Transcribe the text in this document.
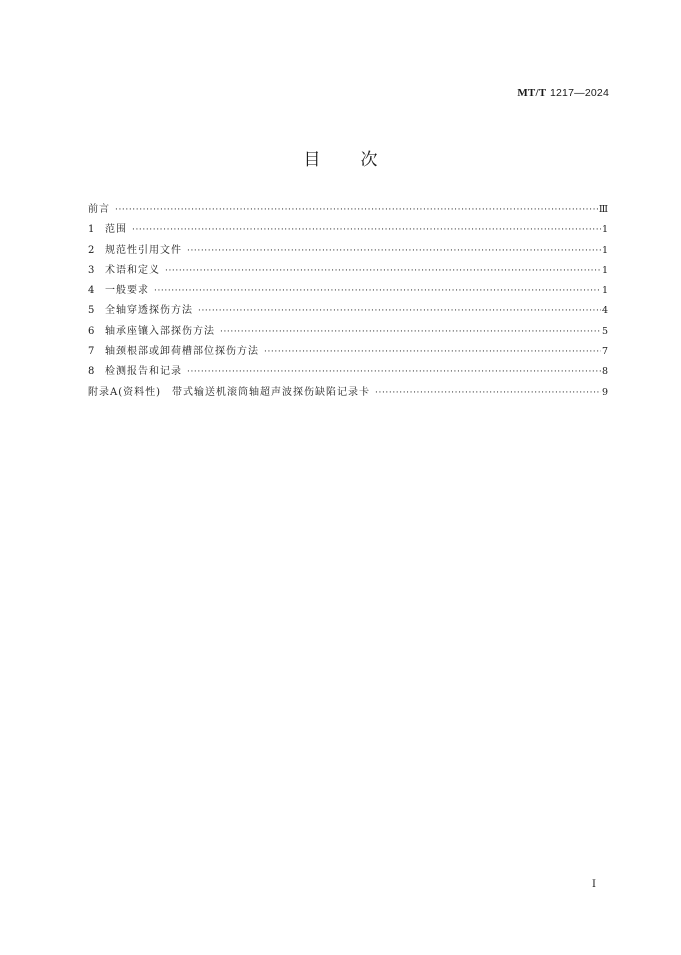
MT/T 1217—2024
目次
前言 ·····	Ⅲ
1	范围 ·····	1
2	规范性引用文件 ·····	1
3	术语和定义 ·····	1
4	一般要求 ·····	1
5	全轴穿透探伤方法 ·····	4
6	轴承座镶入部探伤方法 ·····	5
7	轴颈根部或卸荷槽部位探伤方法 ·····	7
8	检测报告和记录 ·····	8
附录A(资料性)　带式输送机滚筒轴超声波探伤缺陷记录卡 ·····	9
Ⅰ
